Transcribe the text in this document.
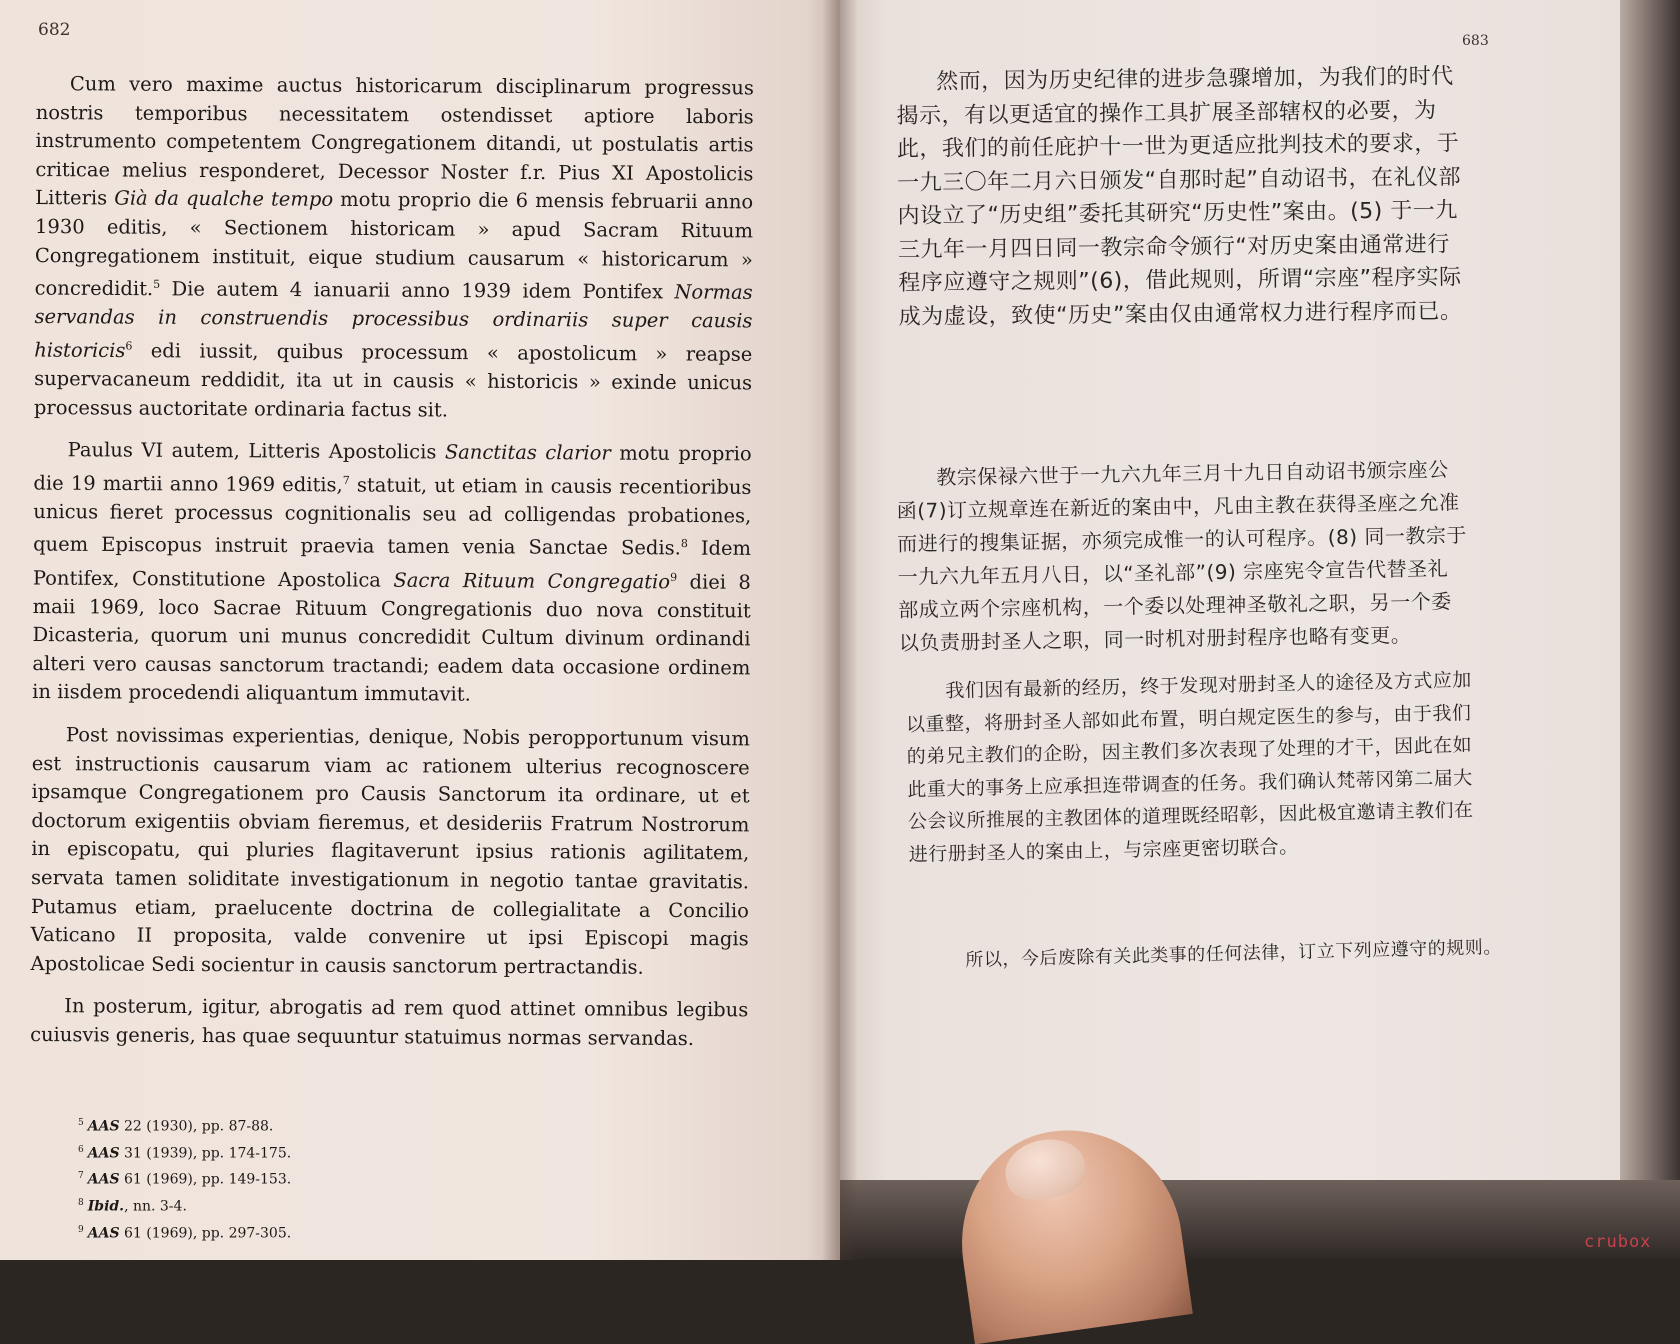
682

Cum vero maxime auctus historicarum disciplinarum progressus nostris temporibus necessitatem ostendisset aptiore laboris instrumento competentem Congregationem ditandi, ut postulatis artis criticae melius responderet, Decessor Noster f.r. Pius XI Apostolicis Litteris Già da qualche tempo motu proprio die 6 mensis februarii anno 1930 editis, « Sectionem historicam » apud Sacram Rituum Congregationem instituit, eique studium causarum « historicarum » concredidit.$^5$ Die autem 4 ianuarii anno 1939 idem Pontifex Normas servandas in construendis processibus ordinariis super causis historicis$^6$ edi iussit, quibus processum « apostolicum » reapse supervacaneum reddidit, ita ut in causis « historicis » exinde unicus processus auctoritate ordinaria factus sit.

Paulus VI autem, Litteris Apostolicis Sanctitas clarior motu proprio die 19 martii anno 1969 editis,$^7$ statuit, ut etiam in causis recentioribus unicus fieret processus cognitionalis seu ad colligendas probationes, quem Episcopus instruit praevia tamen venia Sanctae Sedis.$^8$ Idem Pontifex, Constitutione Apostolica Sacra Rituum Congregatio$^9$ diei 8 maii 1969, loco Sacrae Rituum Congregationis duo nova constituit Dicasteria, quorum uni munus concredidit Cultum divinum ordinandi alteri vero causas sanctorum tractandi; eadem data occasione ordinem in iisdem procedendi aliquantum immutavit.

Post novissimas experientias, denique, Nobis peropportunum visum est instructionis causarum viam ac rationem ulterius recognoscere ipsamque Congregationem pro Causis Sanctorum ita ordinare, ut et doctorum exigentiis obviam fieremus, et desideriis Fratrum Nostrorum in episcopatu, qui pluries flagitaverunt ipsius rationis agilitatem, servata tamen soliditate investigationum in negotio tantae gravitatis. Putamus etiam, praelucente doctrina de collegialitate a Concilio Vaticano II proposita, valde convenire ut ipsi Episcopi magis Apostolicae Sedi socientur in causis sanctorum pertractandis.

In posterum, igitur, abrogatis ad rem quod attinet omnibus legibus cuiusvis generis, has quae sequuntur statuimus normas servandas.

$^5$ AAS 22 (1930), pp. 87-88.
$^6$ AAS 31 (1939), pp. 174-175.
$^7$ AAS 61 (1969), pp. 149-153.
$^8$ Ibid., nn. 3-4.
$^9$ AAS 61 (1969), pp. 297-305.
683

然而，因为历史纪律的进步急骤增加，为我们的时代揭示，有以更适宜的操作工具扩展圣部辖权的必要，为此，我们的前任庇护十一世为更适应批判技术的要求，于一九三〇年二月六日颁发“自那时起”自动诏书，在礼仪部内设立了“历史组”委托其研究“历史性”案由。(5) 于一九三九年一月四日同一教宗命令颁行“对历史案由通常进行程序应遵守之规则”(6)，借此规则，所谓“宗座”程序实际成为虚设，致使“历史”案由仅由通常权力进行程序而已。

教宗保禄六世于一九六九年三月十九日自动诏书颁宗座公函(7)订立规章连在新近的案由中，凡由主教在获得圣座之允准而进行的搜集证据，亦须完成惟一的认可程序。(8) 同一教宗于一九六九年五月八日，以“圣礼部”(9) 宗座宪令宣告代替圣礼部成立两个宗座机构，一个委以处理神圣敬礼之职，另一个委以负责册封圣人之职，同一时机对册封程序也略有变更。

我们因有最新的经历，终于发现对册封圣人的途径及方式应加以重整，将册封圣人部如此布置，明白规定医生的参与，由于我们的弟兄主教们的企盼，因主教们多次表现了处理的才干，因此在如此重大的事务上应承担连带调查的任务。我们确认梵蒂冈第二届大公会议所推展的主教团体的道理既经昭彰，因此极宜邀请主教们在进行册封圣人的案由上，与宗座更密切联合。

所以，今后废除有关此类事的任何法律，订立下列应遵守的规则。

crubox
